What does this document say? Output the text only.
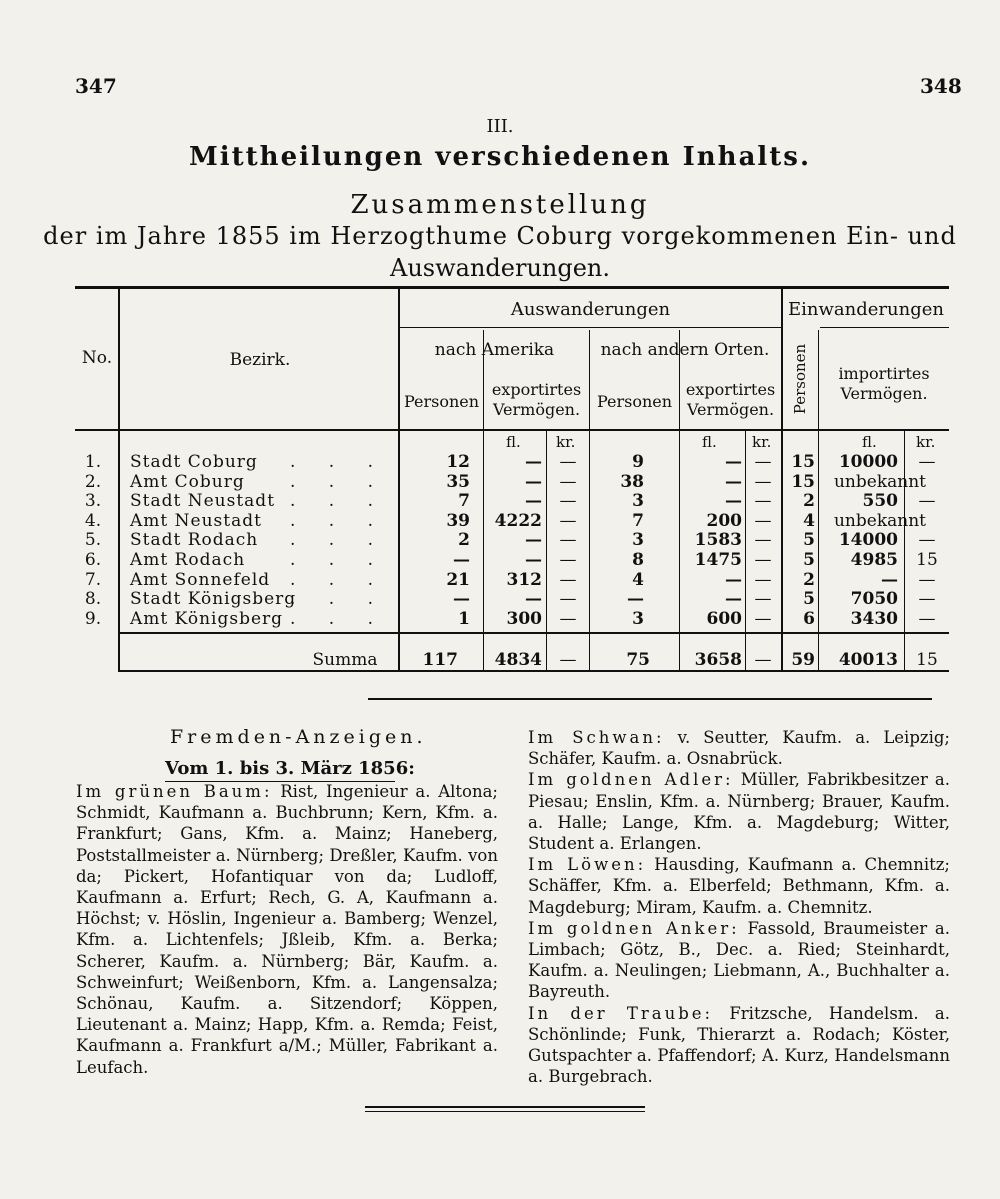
347	348
III.
Mittheilungen verschiedenen Inhalts.
Zusammenstellung
der im Jahre 1855 im Herzogthume Coburg vorgekommenen Ein- und
Auswanderungen.
No.	Bezirk.
Auswanderungen	Einwanderungen
nach Amerika	nach andern Orten.
Personen
exportirtes
Vermögen.	Personen
exportirtes
Vermögen.	Personen	importirtes
Vermögen.
fl. kr.	fl. kr.	fl.	kr.
1. Stadt Coburg	12	—	—	9	— —	15	10000	—
. . .
2. Amt Coburg	35	—	—	38	— —	15	unbekannt
. . .
3. Stadt Neustadt	7	—	—	3	— —	2	550	—
. . .
4. Amt Neustadt	39	4222	—	7	200 —	4	unbekannt
. . .
5. Stadt Rodach	2	—	—	3	1583 —	5	14000	—
. . .
6. Amt Rodach	—	—	—	8	1475 —	5	4985	15
. . .
7. Amt Sonnefeld	21	312	—	4	— —	2	—	—
. . .
8. Stadt Königsberg	—	—	—	—	— —	5	7050	—
. . .
9. Amt Königsberg	1	300	—	3	600 —	6	3430	—
. . .
Summa	117	4834	—	75	3658 —	59	40013	15
Fremden-Anzeigen.
Vom 1. bis 3. März 1856:

Im grünen Baum: Rist, Ingenieur a. Altona; Schmidt, Kaufmann a. Buchbrunn; Kern, Kfm. a. Frankfurt; Gans, Kfm. a. Mainz; Haneberg, Poststallmeister a. Nürnberg; Dreßler, Kaufm. von da; Pickert, Hofantiquar von da; Ludloff, Kaufmann a. Erfurt; Rech, G. A, Kaufmann a. Höchst; v. Höslin, Ingenieur a. Bamberg; Wenzel, Kfm. a. Lichtenfels; Jßleib, Kfm. a. Berka; Scherer, Kaufm. a. Nürnberg; Bär, Kaufm. a. Schweinfurt; Weißenborn, Kfm. a. Langensalza; Schönau, Kaufm. a. Sitzendorf; Köppen, Lieutenant a. Mainz; Happ, Kfm. a. Remda; Feist, Kaufmann a. Frankfurt a/M.; Müller, Fabrikant a. Leufach.

Im Schwan: v. Seutter, Kaufm. a. Leipzig; Schäfer, Kaufm. a. Osnabrück.

Im goldnen Adler: Müller, Fabrikbesitzer a. Piesau; Enslin, Kfm. a. Nürnberg; Brauer, Kaufm. a. Halle; Lange, Kfm. a. Magdeburg; Witter, Student a. Erlangen.

Im Löwen: Hausding, Kaufmann a. Chemnitz; Schäffer, Kfm. a. Elberfeld; Bethmann, Kfm. a. Magdeburg; Miram, Kaufm. a. Chemnitz.

Im goldnen Anker: Fassold, Braumeister a. Limbach; Götz, B., Dec. a. Ried; Steinhardt, Kaufm. a. Neulingen; Liebmann, A., Buchhalter a. Bayreuth.

In der Traube: Fritzsche, Handelsm. a. Schönlinde; Funk, Thierarzt a. Rodach; Köster, Gutspachter a. Pfaffendorf; A. Kurz, Handelsmann a. Burgebrach.
